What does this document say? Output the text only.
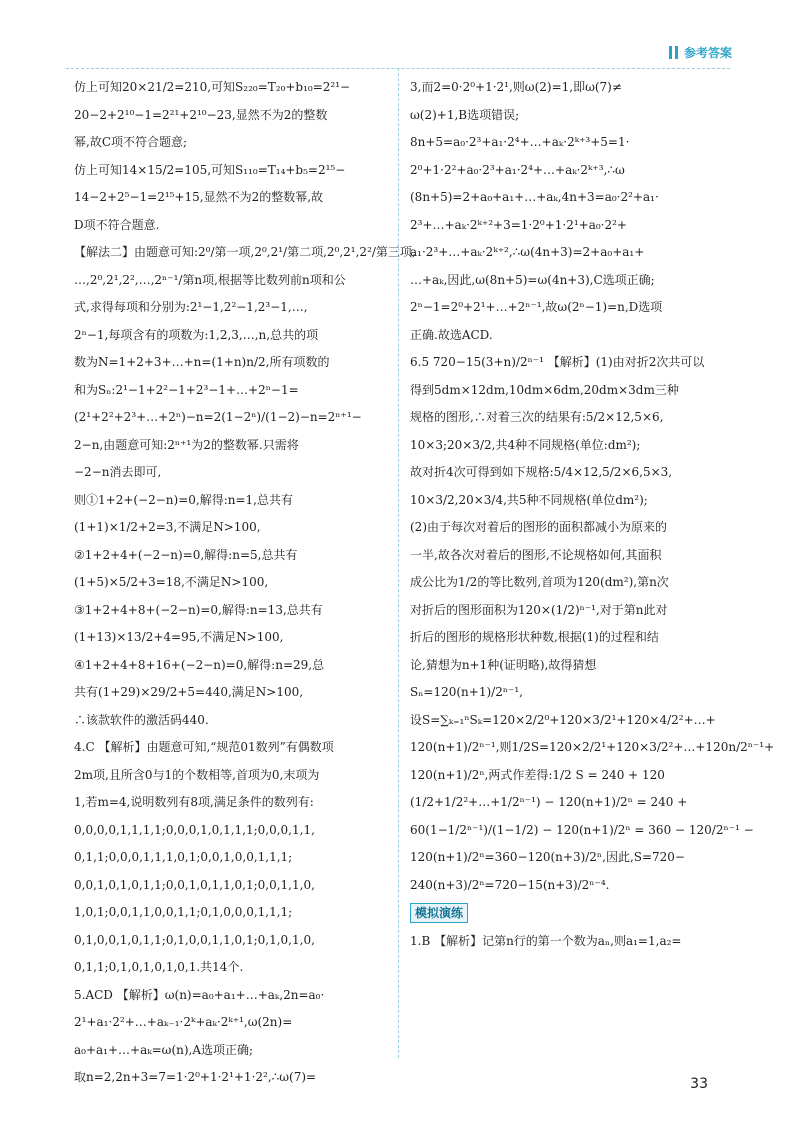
参考答案
仿上可知20×21/2=210,可知S₂₂₀=T₂₀+b₁₀=2²¹−
20−2+2¹⁰−1=2²¹+2¹⁰−23,显然不为2的整数
幂,故C项不符合题意;
仿上可知14×15/2=105,可知S₁₁₀=T₁₄+b₅=2¹⁵−
14−2+2⁵−1=2¹⁵+15,显然不为2的整数幂,故
D项不符合题意.
【解法二】由题意可知:2⁰/第一项,2⁰,2¹/第二项,2⁰,2¹,2²/第三项,
…,2⁰,2¹,2²,…,2ⁿ⁻¹/第n项,根据等比数列前n项和公
式,求得每项和分别为:2¹−1,2²−1,2³−1,…,
2ⁿ−1,每项含有的项数为:1,2,3,…,n,总共的项
数为N=1+2+3+…+n=(1+n)n/2,所有项数的
和为Sₙ:2¹−1+2²−1+2³−1+…+2ⁿ−1=
(2¹+2²+2³+…+2ⁿ)−n=2(1−2ⁿ)/(1−2)−n=2ⁿ⁺¹−
2−n,由题意可知:2ⁿ⁺¹为2的整数幂.只需将
−2−n消去即可,
则①1+2+(−2−n)=0,解得:n=1,总共有
(1+1)×1/2+2=3,不满足N>100,
②1+2+4+(−2−n)=0,解得:n=5,总共有
(1+5)×5/2+3=18,不满足N>100,
③1+2+4+8+(−2−n)=0,解得:n=13,总共有
(1+13)×13/2+4=95,不满足N>100,
④1+2+4+8+16+(−2−n)=0,解得:n=29,总
共有(1+29)×29/2+5=440,满足N>100,
∴该款软件的激活码440.
4.C 【解析】由题意可知,“规范01数列”有偶数项
2m项,且所含0与1的个数相等,首项为0,末项为
1,若m=4,说明数列有8项,满足条件的数列有:
0,0,0,0,1,1,1,1;0,0,0,1,0,1,1,1;0,0,0,1,1,
0,1,1;0,0,0,1,1,1,0,1;0,0,1,0,0,1,1,1;
0,0,1,0,1,0,1,1;0,0,1,0,1,1,0,1;0,0,1,1,0,
1,0,1;0,0,1,1,0,0,1,1;0,1,0,0,0,1,1,1;
0,1,0,0,1,0,1,1;0,1,0,0,1,1,0,1;0,1,0,1,0,
0,1,1;0,1,0,1,0,1,0,1.共14个.
5.ACD 【解析】ω(n)=a₀+a₁+…+aₖ,2n=a₀·
2¹+a₁·2²+…+aₖ₋₁·2ᵏ+aₖ·2ᵏ⁺¹,ω(2n)=
a₀+a₁+…+aₖ=ω(n),A选项正确;
取n=2,2n+3=7=1·2⁰+1·2¹+1·2²,∴ω(7)=
3,而2=0·2⁰+1·2¹,则ω(2)=1,即ω(7)≠
ω(2)+1,B选项错误;
8n+5=a₀·2³+a₁·2⁴+…+aₖ·2ᵏ⁺³+5=1·
2⁰+1·2²+a₀·2³+a₁·2⁴+…+aₖ·2ᵏ⁺³,∴ω
(8n+5)=2+a₀+a₁+…+aₖ,4n+3=a₀·2²+a₁·
2³+…+aₖ·2ᵏ⁺²+3=1·2⁰+1·2¹+a₀·2²+
a₁·2³+…+aₖ·2ᵏ⁺²,∴ω(4n+3)=2+a₀+a₁+
…+aₖ,因此,ω(8n+5)=ω(4n+3),C选项正确;
2ⁿ−1=2⁰+2¹+…+2ⁿ⁻¹,故ω(2ⁿ−1)=n,D选项
正确.故选ACD.
6.5 720−15(3+n)/2ⁿ⁻¹ 【解析】(1)由对折2次共可以
得到5dm×12dm,10dm×6dm,20dm×3dm三种
规格的图形,∴对着三次的结果有:5/2×12,5×6,
10×3;20×3/2,共4种不同规格(单位:dm²);
故对折4次可得到如下规格:5/4×12,5/2×6,5×3,
10×3/2,20×3/4,共5种不同规格(单位dm²);
(2)由于每次对着后的图形的面积都减小为原来的
一半,故各次对着后的图形,不论规格如何,其面积
成公比为1/2的等比数列,首项为120(dm²),第n次
对折后的图形面积为120×(1/2)ⁿ⁻¹,对于第n此对
折后的图形的规格形状种数,根据(1)的过程和结
论,猜想为n+1种(证明略),故得猜想
Sₙ=120(n+1)/2ⁿ⁻¹,
设S=∑ₖ₌₁ⁿSₖ=120×2/2⁰+120×3/2¹+120×4/2²+…+
120(n+1)/2ⁿ⁻¹,则1/2S=120×2/2¹+120×3/2²+…+120n/2ⁿ⁻¹+
120(n+1)/2ⁿ,两式作差得:1/2 S = 240 + 120
(1/2+1/2²+…+1/2ⁿ⁻¹) − 120(n+1)/2ⁿ = 240 +
60(1−1/2ⁿ⁻¹)/(1−1/2) − 120(n+1)/2ⁿ = 360 − 120/2ⁿ⁻¹ −
120(n+1)/2ⁿ=360−120(n+3)/2ⁿ,因此,S=720−
240(n+3)/2ⁿ=720−15(n+3)/2ⁿ⁻⁴.
模拟演练
1.B 【解析】记第n行的第一个数为aₙ,则a₁=1,a₂=
33
